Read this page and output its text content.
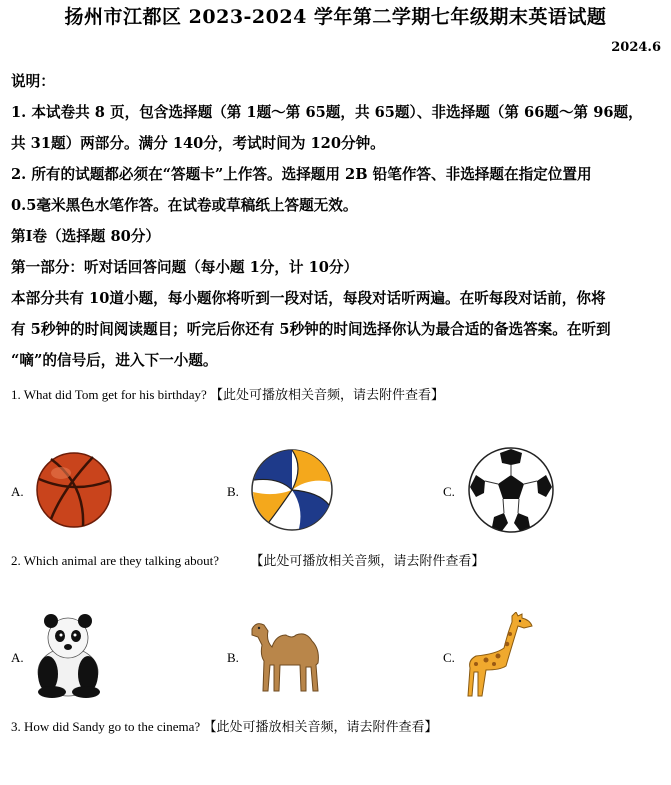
扬州市江都区 2023-2024 学年第二学期七年级期末英语试题
2024.6
说明：
1. 本试卷共 8 页，包含选择题（第 1题～第 65题，共 65题）、非选择题（第 66题～第 96题，
共 31题）两部分。满分 140分，考试时间为 120分钟。
2. 所有的试题都必须在“答题卡”上作答。选择题用 2B 铅笔作答、非选择题在指定位置用
0.5毫米黑色水笔作答。在试卷或草稿纸上答题无效。
第Ⅰ卷（选择题 80分）
第一部分：听对话回答问题（每小题 1分，计 10分）
本部分共有 10道小题，每小题你将听到一段对话，每段对话听两遍。在听每段对话前，你将
有 5秒钟的时间阅读题目；听完后你还有 5秒钟的时间选择你认为最合适的备选答案。在听到
“嘀”的信号后，进入下一小题。
1. What did Tom get for his birthday? 【此处可播放相关音频，请去附件查看】
A.	B.	C.
2. Which animal are they talking about? 【此处可播放相关音频，请去附件查看】
A.	B.	C.
3. How did Sandy go to the cinema? 【此处可播放相关音频，请去附件查看】
